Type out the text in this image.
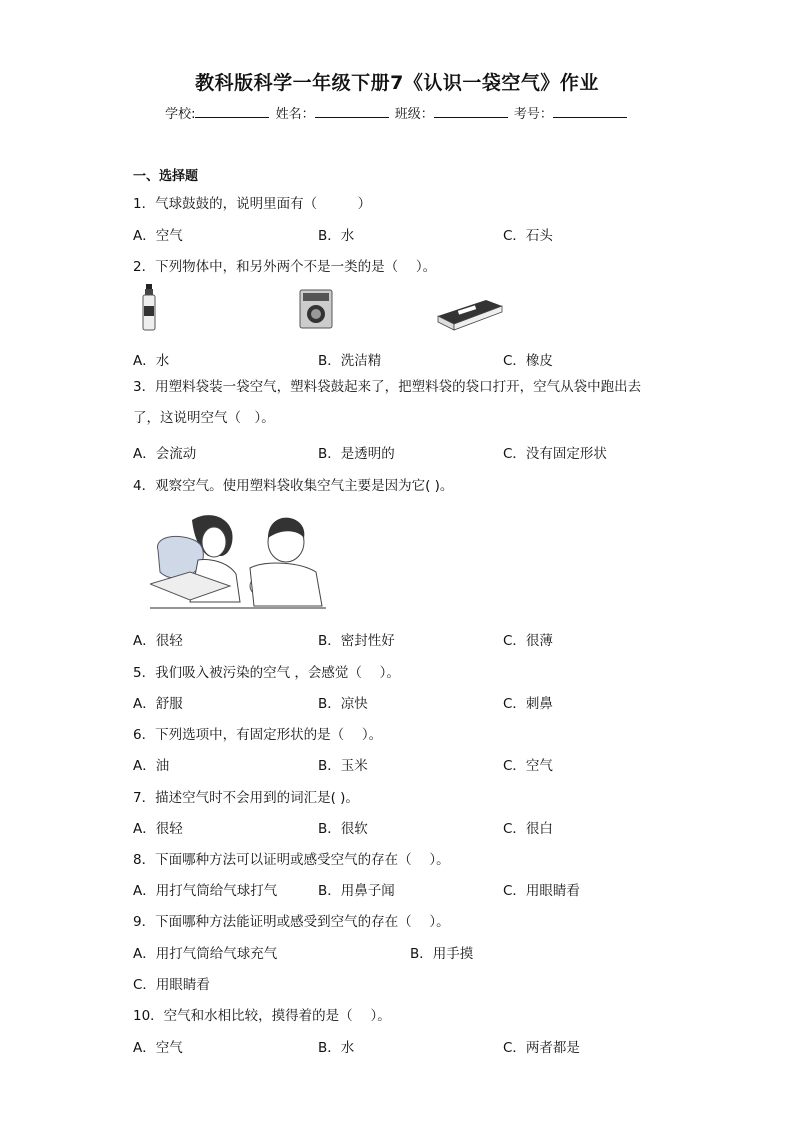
教科版科学一年级下册7《认识一袋空气》作业
学校:	姓名：	班级：	考号：
一、选择题
1．气球鼓鼓的，说明里面有（　　　）
A．空气	B．水	C．石头
2．下列物体中，和另外两个不是一类的是（　 ）。
A．水	B．洗洁精	C．橡皮
3．用塑料袋装一袋空气，塑料袋鼓起来了，把塑料袋的袋口打开，空气从袋中跑出去了，这说明空气（　）。
A．会流动	B．是透明的	C．没有固定形状
4．观察空气。使用塑料袋收集空气主要是因为它( )。
A．很轻	B．密封性好	C．很薄
5．我们吸入被污染的空气 ，会感觉（　 ）。
A．舒服	B．凉快	C．刺鼻
6．下列选项中，有固定形状的是（　 ）。
A．油	B．玉米	C．空气
7．描述空气时不会用到的词汇是( )。
A．很轻	B．很软	C．很白
8．下面哪种方法可以证明或感受空气的存在（　 ）。
A．用打气筒给气球打气	B．用鼻子闻	C．用眼睛看
9．下面哪种方法能证明或感受到空气的存在（　 ）。
A．用打气筒给气球充气	B．用手摸
C．用眼睛看
10．空气和水相比较，摸得着的是（　 ）。
A．空气	B．水	C．两者都是
